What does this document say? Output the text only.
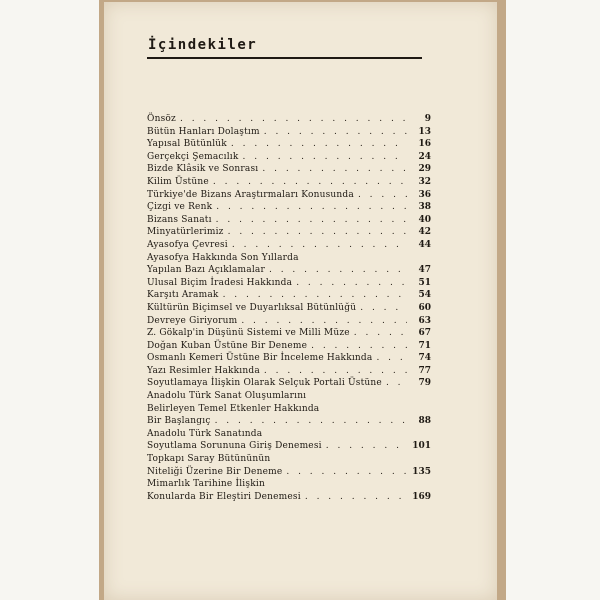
İçindekiler
Önsöz . . .	9
Bütün Hanları Dolaştım . . .	13
Yapısal Bütünlük . . .	16
Gerçekçi Şemacılık . . .	24
Bizde Klâsik ve Sonrası . . .	29
Kilim Üstüne . . .	32
Türkiye'de Bizans Araştırmaları Konusunda . . .	36
Çizgi ve Renk . . .	38
Bizans Sanatı . . .	40
Minyatürlerimiz . . .	42
Ayasofya Çevresi . . .	44
Ayasofya Hakkında Son Yıllarda
Yapılan Bazı Açıklamalar . . .	47
Ulusal Biçim İradesi Hakkında . . .	51
Karşıtı Aramak . . .	54
Kültürün Biçimsel ve Duyarlıksal Bütünlüğü . . .	60
Devreye Giriyorum . . .	63
Z. Gökalp'in Düşünü Sistemi ve Milli Müze . . .	67
Doğan Kuban Üstüne Bir Deneme . . .	71
Osmanlı Kemeri Üstüne Bir İnceleme Hakkında . . .	74
Yazı Resimler Hakkında . . .	77
Soyutlamaya İlişkin Olarak Selçuk Portali Üstüne . . .	79
Anadolu Türk Sanat Oluşumlarını
Belirleyen Temel Etkenler Hakkında
Bir Başlangıç . . .	88
Anadolu Türk Sanatında
Soyutlama Sorununa Giriş Denemesi . . .	101
Topkapı Saray Bütününün
Niteliği Üzerine Bir Deneme . . .	135
Mimarlık Tarihine İlişkin
Konularda Bir Eleştiri Denemesi . . .	169
